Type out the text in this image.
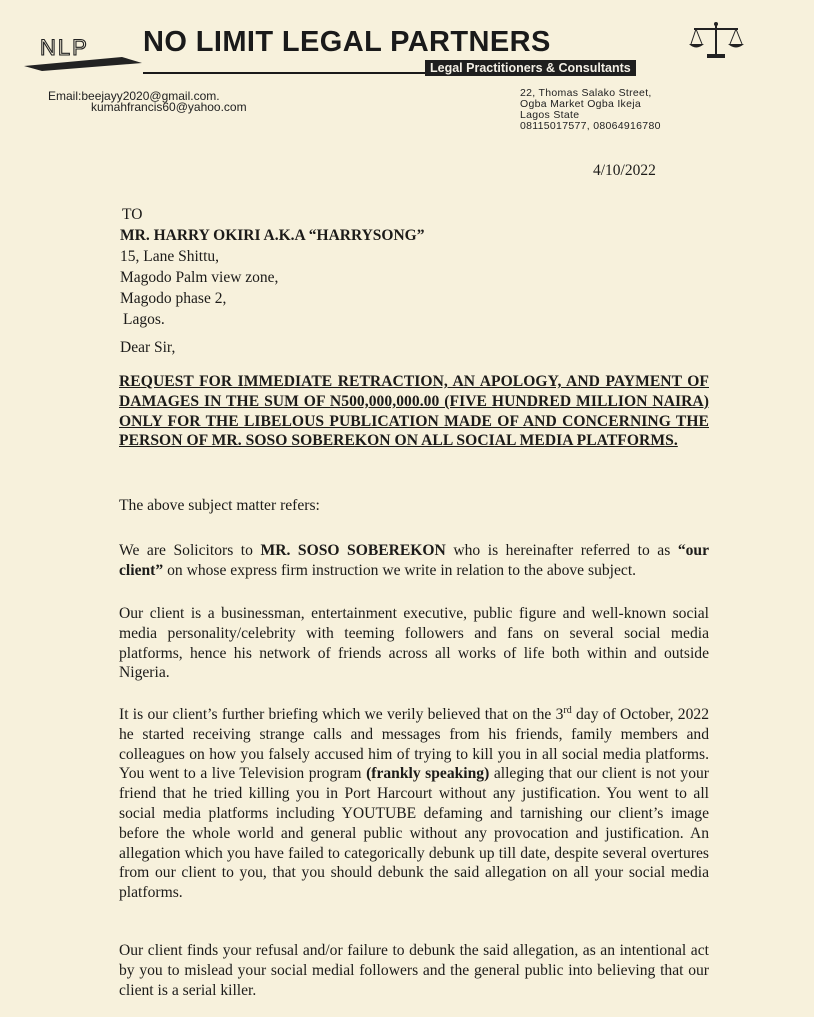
NLP NO LIMIT LEGAL PARTNERS
Legal Practitioners & Consultants
Email:beejayy2020@gmail.com.
kumahfrancis60@yahoo.com
22, Thomas Salako Street,
Ogba Market Ogba Ikeja
Lagos State
08115017577, 08064916780
4/10/2022
TO
MR. HARRY OKIRI A.K.A “HARRYSONG”
15, Lane Shittu,
Magodo Palm view zone,
Magodo phase 2,
Lagos.
Dear Sir,
REQUEST FOR IMMEDIATE RETRACTION, AN APOLOGY, AND PAYMENT OF DAMAGES IN THE SUM OF N500,000,000.00 (FIVE HUNDRED MILLION NAIRA) ONLY FOR THE LIBELOUS PUBLICATION MADE OF AND CONCERNING THE PERSON OF MR. SOSO SOBEREKON ON ALL SOCIAL MEDIA PLATFORMS.
The above subject matter refers:
We are Solicitors to MR. SOSO SOBEREKON who is hereinafter referred to as “our client” on whose express firm instruction we write in relation to the above subject.
Our client is a businessman, entertainment executive, public figure and well-known social media personality/celebrity with teeming followers and fans on several social media platforms, hence his network of friends across all works of life both within and outside Nigeria.
It is our client’s further briefing which we verily believed that on the 3rd day of October, 2022 he started receiving strange calls and messages from his friends, family members and colleagues on how you falsely accused him of trying to kill you in all social media platforms. You went to a live Television program (frankly speaking) alleging that our client is not your friend that he tried killing you in Port Harcourt without any justification. You went to all social media platforms including YOUTUBE defaming and tarnishing our client’s image before the whole world and general public without any provocation and justification. An allegation which you have failed to categorically debunk up till date, despite several overtures from our client to you, that you should debunk the said allegation on all your social media platforms.
Our client finds your refusal and/or failure to debunk the said allegation, as an intentional act by you to mislead your social medial followers and the general public into believing that our client is a serial killer.
